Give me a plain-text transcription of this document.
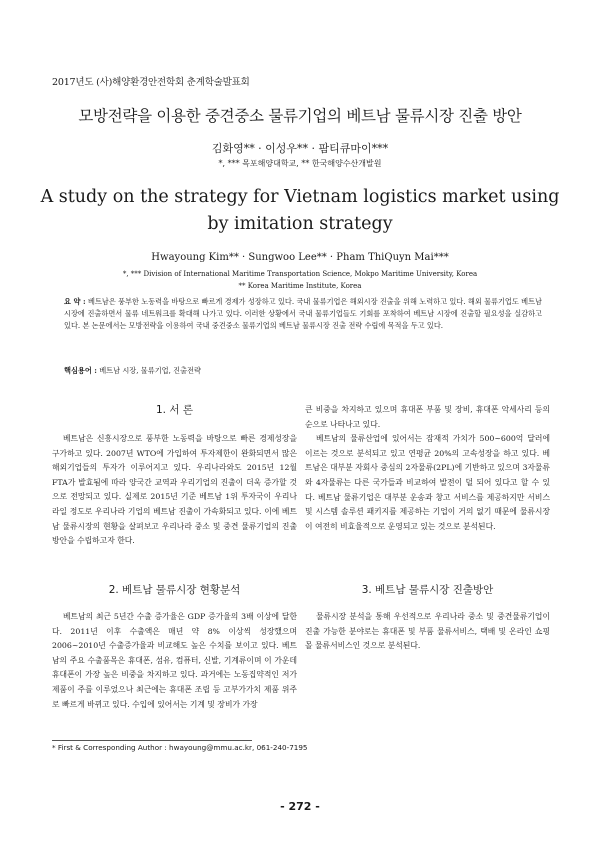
2017년도 (사)해양환경안전학회 춘계학술발표회
모방전략을 이용한 중견중소 물류기업의 베트남 물류시장 진출 방안
김화영** · 이성우** · 팜티큐마이***
*, *** 목포해양대학교, ** 한국해양수산개발원
A study on the strategy for Vietnam logistics market using by imitation strategy
Hwayoung Kim** · Sungwoo Lee** · Pham ThiQuyn Mai***
*, *** Division of International Maritime Transportation Science, Mokpo Maritime University, Korea
** Korea Maritime Institute, Korea
요 약 : 베트남은 풍부한 노동력을 바탕으로 빠르게 경제가 성장하고 있다. 국내 물류기업은 해외시장 진출을 위해 노력하고 있다. 해외 물류기업도 베트남 시장에 진출하면서 물류 네트워크를 확대해 나가고 있다. 이러한 상황에서 국내 물류기업들도 기회를 포착하여 베트남 시장에 진출할 필요성을 실감하고 있다. 본 논문에서는 모방전략을 이용하여 국내 중견중소 물류기업의 베트남 물류시장 진출 전략 수립에 목적을 두고 있다.
핵심용어 : 베트남 시장, 물류기업, 진출전략
1. 서 론

베트남은 신흥시장으로 풍부한 노동력을 바탕으로 빠른 경제성장을 구가하고 있다. 2007년 WTO에 가입하여 투자제한이 완화되면서 많은 해외기업들의 투자가 이루어지고 있다. 우리나라와도 2015년 12월 FTA가 발효됨에 따라 양국간 교역과 우리기업의 진출이 더욱 증가할 것으로 전망되고 있다. 실제로 2015년 기준 베트남 1위 투자국이 우리나라일 정도로 우리나라 기업의 베트남 진출이 가속화되고 있다. 이에 베트남 물류시장의 현황을 살펴보고 우리나라 중소 및 중견 물류기업의 진출방안을 수립하고자 한다.

2. 베트남 물류시장 현황분석

베트남의 최근 5년간 수출 증가율은 GDP 증가율의 3배 이상에 달한다. 2011년 이후 수출액은 매년 약 8% 이상씩 성장했으며 2006~2010년 수출증가율과 비교해도 높은 수치를 보이고 있다. 베트남의 주요 수출품목은 휴대폰, 섬유, 컴퓨터, 신발, 기계류이며 이 가운데 휴대폰이 가장 높은 비중을 차지하고 있다. 과거에는 노동집약적인 저가제품이 주를 이루었으나 최근에는 휴대폰 조립 등 고부가가치 제품 위주로 빠르게 바뀌고 있다. 수입에 있어서는 기계 및 장비가 가장

큰 비중을 차지하고 있으며 휴대폰 부품 및 장비, 휴대폰 악세사리 등의 순으로 나타나고 있다.

베트남의 물류산업에 있어서는 잠재적 가치가 500~600억 달러에 이르는 것으로 분석되고 있고 연평균 20%의 고속성장을 하고 있다. 베트남은 대부분 자회사 중심의 2자물류(2PL)에 기반하고 있으며 3자물류와 4자물류는 다른 국가들과 비교하여 발전이 덜 되어 있다고 할 수 있다. 베트남 물류기업은 대부분 운송과 창고 서비스를 제공하지만 서비스 및 시스템 솔루션 패키지를 제공하는 기업이 거의 없기 때문에 물류시장이 여전히 비효율적으로 운영되고 있는 것으로 분석된다.

3. 베트남 물류시장 진출방안

물류시장 분석을 통해 우선적으로 우리나라 중소 및 중견물류기업이 진출 가능한 분야로는 휴대폰 및 부품 물류서비스, 택배 및 온라인 쇼핑몰 물류서비스인 것으로 분석된다.

* First & Corresponding Author : hwayoung@mmu.ac.kr, 061-240-7195
- 272 -
